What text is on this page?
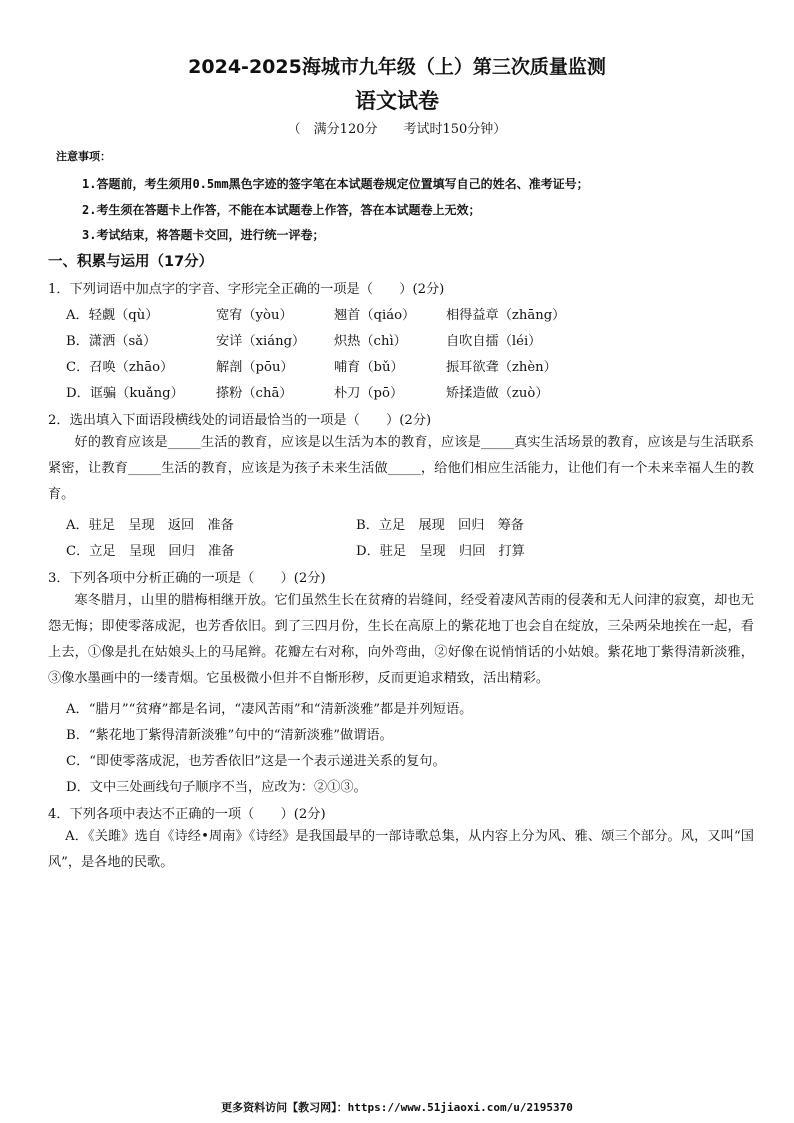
2024-2025海城市九年级（上）第三次质量监测
语文试卷
（　满分120分　　考试时150分钟）
注意事项：
1.答题前，考生须用0.5mm黑色字迹的签字笔在本试题卷规定位置填写自己的姓名、准考证号；
2.考生须在答题卡上作答，不能在本试题卷上作答，答在本试题卷上无效；
3.考试结束，将答题卡交回，进行统一评卷；
一、积累与运用（17分）
1．下列词语中加点字的字音、字形完全正确的一项是（　　）(2分)
A．轻觑（qù）	宽宥（yòu）	翘首（qiáo） 相得益章（zhāng）
B．潇洒（sǎ）	安详（xiáng） 炽热（chì）	自吹自擂（léi）
C．召唤（zhāo）	解剖（pōu）	哺育（bǔ）	振耳欲聋（zhèn）
D．诓骗（kuǎng） 搽粉（chā）	朴刀（pō）	矫揉造做（zuò）
2．选出填入下面语段横线处的词语最恰当的一项是（　　）(2分)
好的教育应该是_____生活的教育，应该是以生活为本的教育，应该是_____真实生活场景的教育，应该是与生活联系紧密，让教育_____生活的教育，应该是为孩子未来生活做_____，给他们相应生活能力，让他们有一个未来幸福人生的教育。
A．驻足　呈现　返回　准备	B．立足　展现　回归　筹备
C．立足　呈现　回归　准备	D．驻足　呈现　归回　打算
3．下列各项中分析正确的一项是（　　）(2分)
寒冬腊月，山里的腊梅相继开放。它们虽然生长在贫瘠的岩缝间，经受着凄风苦雨的侵袭和无人问津的寂寞，却也无怨无悔；即使零落成泥，也芳香依旧。到了三四月份，生长在高原上的紫花地丁也会自在绽放，三朵两朵地挨在一起，看上去，①像是扎在姑娘头上的马尾辫。花瓣左右对称，向外弯曲，②好像在说悄悄话的小姑娘。紫花地丁紫得清新淡雅，③像水墨画中的一缕青烟。它虽极微小但并不自惭形秽，反而更追求精致，活出精彩。
A．“腊月”“贫瘠”都是名词，“凄风苦雨”和“清新淡雅”都是并列短语。
B．“紫花地丁紫得清新淡雅”句中的“清新淡雅”做谓语。
C．“即使零落成泥，也芳香依旧”这是一个表示递进关系的复句。
D．文中三处画线句子顺序不当，应改为：②①③。
4．下列各项中表达不正确的一项（　　）(2分)
A．《关雎》选自《诗经•周南》《诗经》是我国最早的一部诗歌总集，从内容上分为风、雅、颂三个部分。风，又叫“国风”，是各地的民歌。
更多资料访问【教习网】：https://www.51jiaoxi.com/u/2195370
